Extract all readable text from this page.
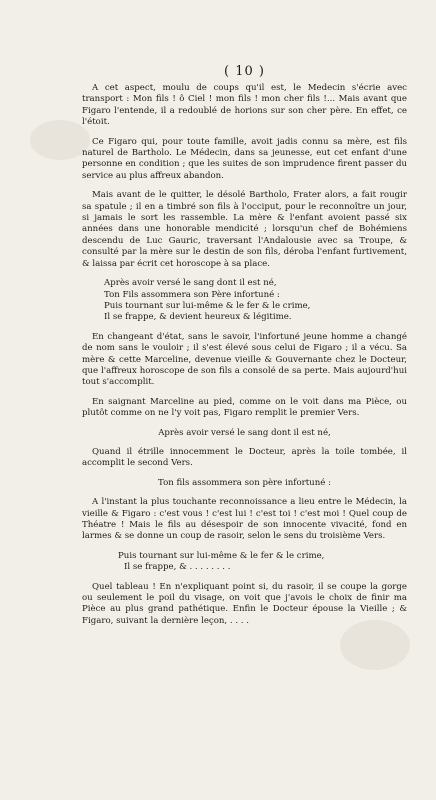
( 10 )

A cet aspect, moulu de coups qu'il est, le Medecin s'écrie avec transport : Mon fils ! ô Ciel ! mon fils ! mon cher fils !... Mais avant que Figaro l'entende, il a redoublé de horions sur son cher père. En effet, ce l'étoit.

Ce Figaro qui, pour toute famille, avoit jadis connu sa mère, est fils naturel de Bartholo. Le Médecin, dans sa jeunesse, eut cet enfant d'une personne en condition ; que les suites de son imprudence firent passer du service au plus affreux abandon.

Mais avant de le quitter, le désolé Bartholo, Frater alors, a fait rougir sa spatule ; il en a timbré son fils à l'occiput, pour le reconnoître un jour, si jamais le sort les rassemble. La mère & l'enfant avoient passé six années dans une honorable mendicité ; lorsqu'un chef de Bohémiens descendu de Luc Gauric, traversant l'Andalousie avec sa Troupe, & consulté par la mère sur le destin de son fils, déroba l'enfant furtivement, & laissa par écrit cet horoscope à sa place.

Après avoir versé le sang dont il est né,
Ton Fils assommera son Père infortuné :
Puis tournant sur lui-même & le fer & le crime,
Il se frappe, & devient heureux & légitime.

En changeant d'état, sans le savoir, l'infortuné jeune homme a changé de nom sans le vouloir ; il s'est élevé sous celui de Figaro ; il a vécu. Sa mère & cette Marceline, devenue vieille & Gouvernante chez le Docteur, que l'affreux horoscope de son fils a consolé de sa perte. Mais aujourd'hui tout s'accomplit.

En saignant Marceline au pied, comme on le voit dans ma Pièce, ou plutôt comme on ne l'y voit pas, Figaro remplit le premier Vers.

Après avoir versé le sang dont il est né,

Quand il étrille innocemment le Docteur, après la toile tombée, il accomplit le second Vers.

Ton fils assommera son père infortuné :

A l'instant la plus touchante reconnoissance a lieu entre le Médecin, la vieille & Figaro : c'est vous ! c'est lui ! c'est toi ! c'est moi ! Quel coup de Théatre ! Mais le fils au désespoir de son innocente vivacité, fond en larmes & se donne un coup de rasoir, selon le sens du troisième Vers.

Puis tournant sur lui-même & le fer & le crime,
Il se frappe, & . . . . . . . .

Quel tableau ! En n'expliquant point si, du rasoir, il se coupe la gorge ou seulement le poil du visage, on voit que j'avois le choix de finir ma Pièce au plus grand pathétique. Enfin le Docteur épouse la Vieille ; & Figaro, suivant la dernière leçon, . . . .
